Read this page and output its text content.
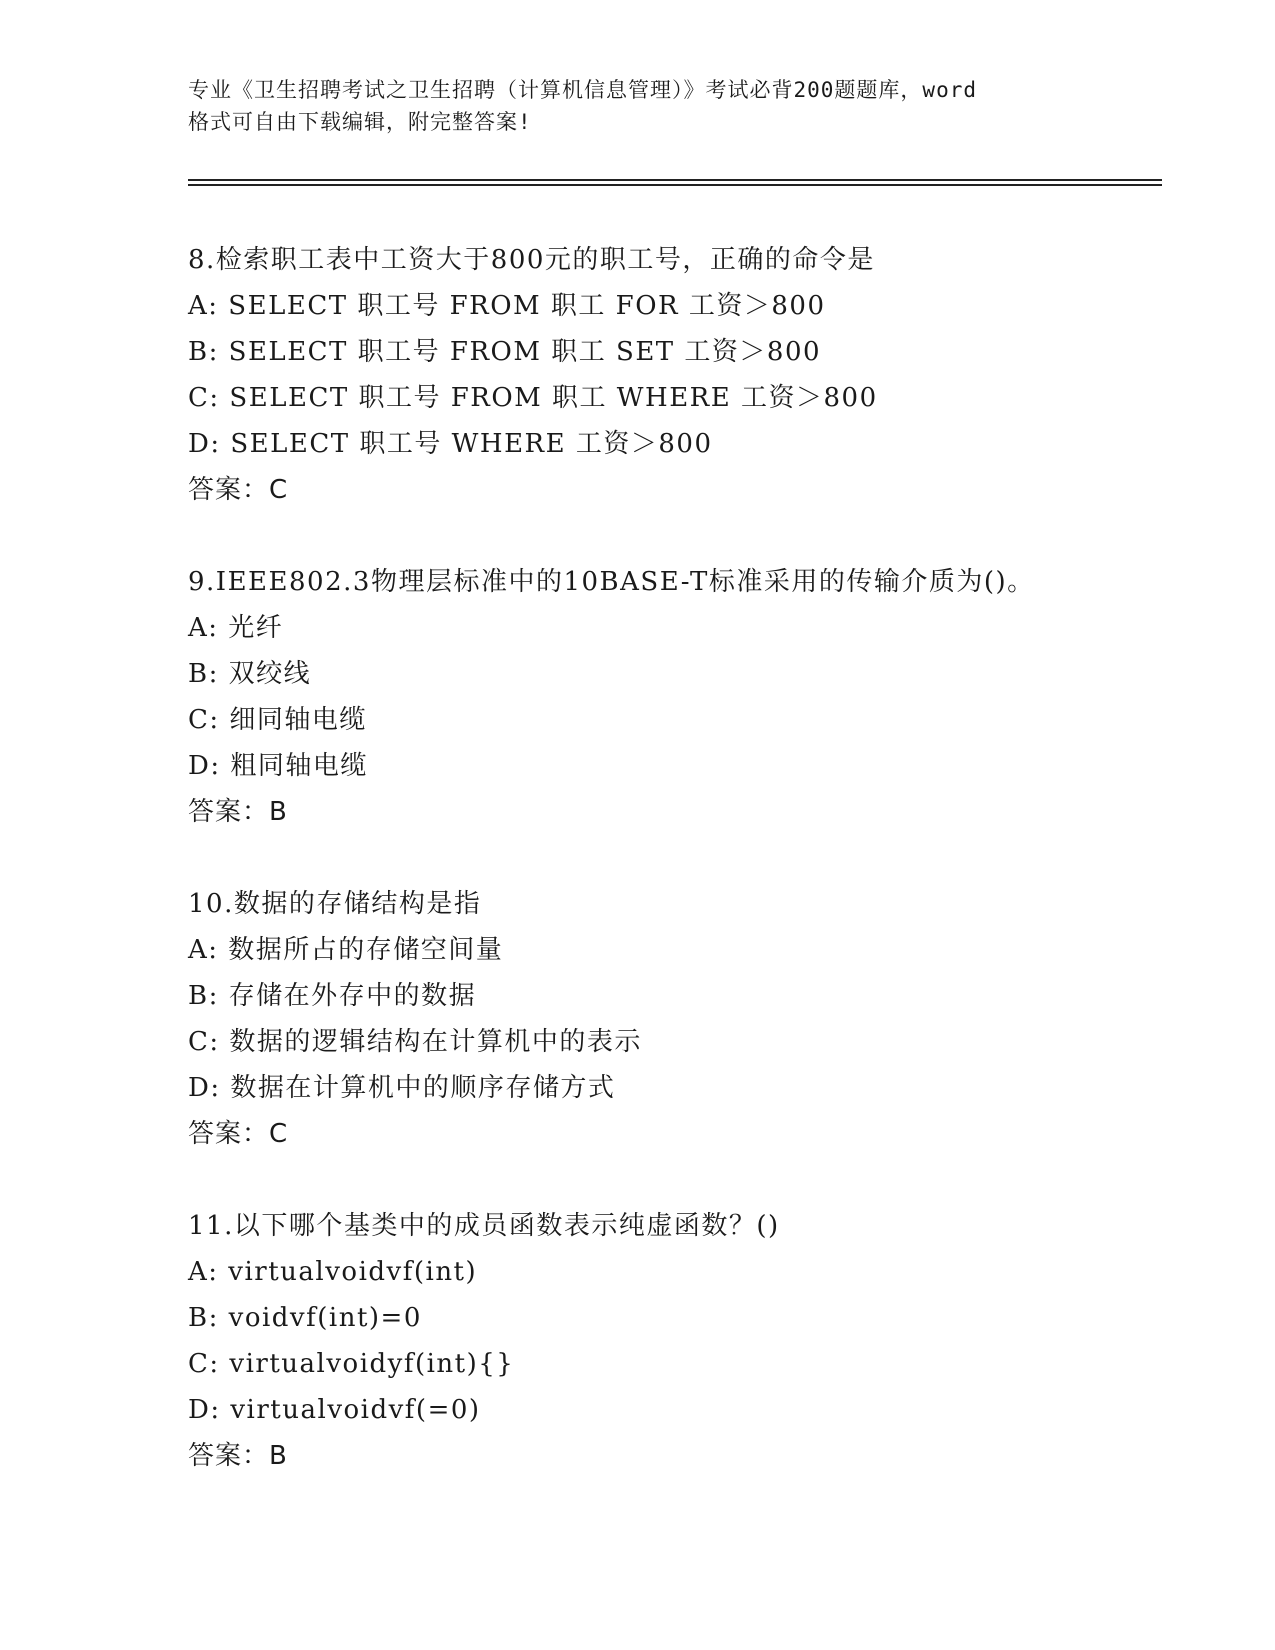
专业《卫生招聘考试之卫生招聘（计算机信息管理）》考试必背200题题库，word
格式可自由下载编辑，附完整答案!
8.检索职工表中工资大于800元的职工号，正确的命令是
A: SELECT 职工号 FROM 职工 FOR 工资＞800
B: SELECT 职工号 FROM 职工 SET 工资＞800
C: SELECT 职工号 FROM 职工 WHERE 工资＞800
D: SELECT 职工号 WHERE 工资＞800
答案：C
9.IEEE802.3物理层标准中的10BASE-T标准采用的传输介质为()。
A: 光纤
B: 双绞线
C: 细同轴电缆
D: 粗同轴电缆
答案：B
10.数据的存储结构是指
A: 数据所占的存储空间量
B: 存储在外存中的数据
C: 数据的逻辑结构在计算机中的表示
D: 数据在计算机中的顺序存储方式
答案：C
11.以下哪个基类中的成员函数表示纯虚函数？()
A: virtualvoidvf(int)
B: voidvf(int)=0
C: virtualvoidyf(int){}
D: virtualvoidvf(=0)
答案：B
